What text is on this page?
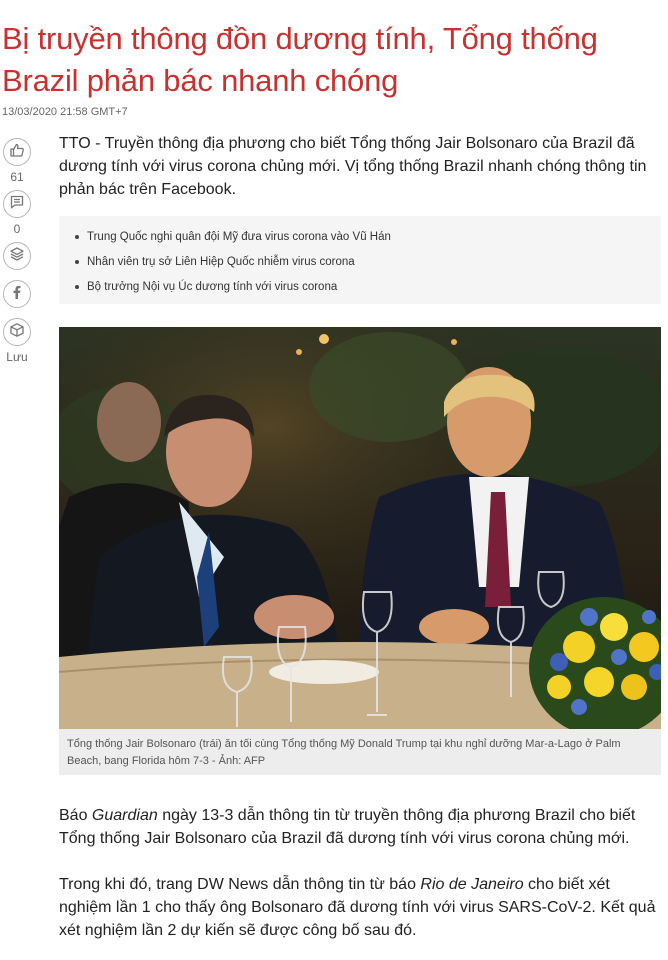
Bị truyền thông đồn dương tính, Tổng thống Brazil phản bác nhanh chóng
13/03/2020 21:58 GMT+7
61
0
Lưu

TTO - Truyền thông địa phương cho biết Tổng thống Jair Bolsonaro của Brazil đã dương tính với virus corona chủng mới. Vị tổng thống Brazil nhanh chóng thông tin phản bác trên Facebook.

Trung Quốc nghi quân đội Mỹ đưa virus corona vào Vũ Hán
Nhân viên trụ sở Liên Hiệp Quốc nhiễm virus corona
Bộ trưởng Nội vụ Úc dương tính với virus corona
Tổng thống Jair Bolsonaro (trái) ăn tối cùng Tổng thống Mỹ Donald Trump tại khu nghỉ dưỡng Mar-a-Lago ở Palm Beach, bang Florida hôm 7-3 - Ảnh: AFP

Báo Guardian ngày 13-3 dẫn thông tin từ truyền thông địa phương Brazil cho biết Tổng thống Jair Bolsonaro của Brazil đã dương tính với virus corona chủng mới.

Trong khi đó, trang DW News dẫn thông tin từ báo Rio de Janeiro cho biết xét nghiệm lần 1 cho thấy ông Bolsonaro đã dương tính với virus SARS-CoV-2. Kết quả xét nghiệm lần 2 dự kiến sẽ được công bố sau đó.
